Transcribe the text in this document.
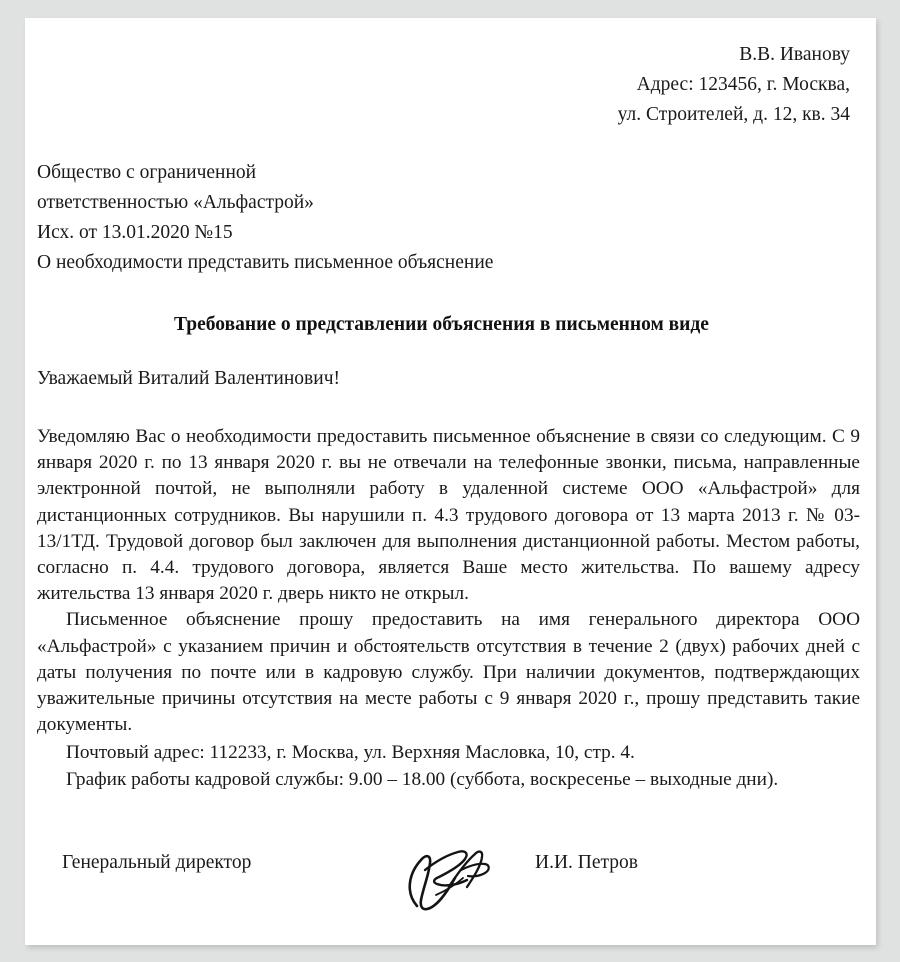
В.В. Иванову
Адрес: 123456, г. Москва,
ул. Строителей, д. 12, кв. 34
Общество с ограниченной
ответственностью «Альфастрой»
Исх. от 13.01.2020 №15
О необходимости представить письменное объяснение
Требование о представлении объяснения в письменном виде
Уважаемый Виталий Валентинович!

Уведомляю Вас о необходимости предоставить письменное объяснение в связи со следующим. С 9 января 2020 г. по 13 января 2020 г. вы не отвечали на телефонные звонки, письма, направленные электронной почтой, не выполняли работу в удаленной системе ООО «Альфастрой» для дистанционных сотрудников. Вы нарушили п. 4.3 трудового договора от 13 марта 2013 г. № 03-13/1ТД. Трудовой договор был заключен для выполнения дистанционной работы. Местом работы, согласно п. 4.4. трудового договора, является Ваше место жительства. По вашему адресу жительства 13 января 2020 г. дверь никто не открыл.

Письменное объяснение прошу предоставить на имя генерального директора ООО «Альфастрой» с указанием причин и обстоятельств отсутствия в течение 2 (двух) рабочих дней с даты получения по почте или в кадровую службу. При наличии документов, подтверждающих уважительные причины отсутствия на месте работы с 9 января 2020 г., прошу представить такие документы.

Почтовый адрес: 112233, г. Москва, ул. Верхняя Масловка, 10, стр. 4.
График работы кадровой службы: 9.00 – 18.00 (суббота, воскресенье – выходные дни).
Генеральный директор	И.И. Петров
